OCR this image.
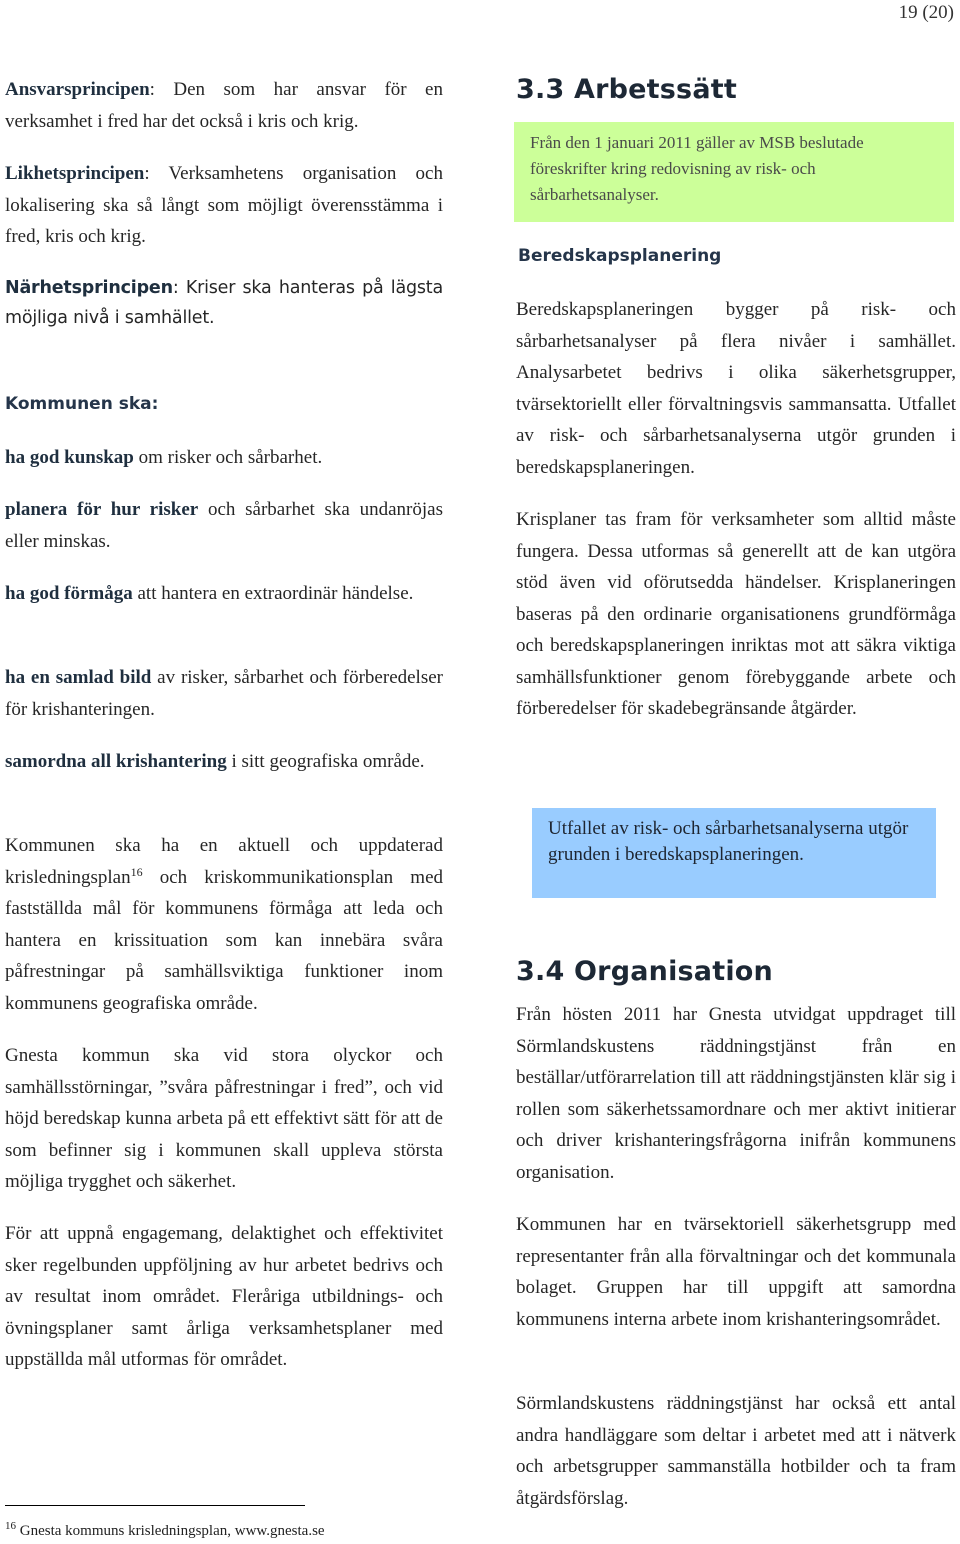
19 (20)
Ansvarsprincipen: Den som har ansvar för en verksamhet i fred har det också i kris och krig.
Likhetsprincipen: Verksamhetens organisation och lokalisering ska så långt som möjligt överensstämma i fred, kris och krig.
Närhetsprincipen: Kriser ska hanteras på lägsta möjliga nivå i samhället.
Kommunen ska:
ha god kunskap om risker och sårbarhet.
planera för hur risker och sårbarhet ska undanröjas eller minskas.
ha god förmåga att hantera en extraordinär händelse.
ha en samlad bild av risker, sårbarhet och förberedelser för krishanteringen.
samordna all krishantering i sitt geografiska område.
Kommunen ska ha en aktuell och uppdaterad krisledningsplan$^{16}$ och kriskommunikationsplan med fastställda mål för kommunens förmåga att leda och hantera en krissituation som kan innebära svåra påfrestningar på samhällsviktiga funktioner inom kommunens geografiska område.
Gnesta kommun ska vid stora olyckor och samhällsstörningar, ”svåra påfrestningar i fred”, och vid höjd beredskap kunna arbeta på ett effektivt sätt för att de som befinner sig i kommunen skall uppleva största möjliga trygghet och säkerhet.
För att uppnå engagemang, delaktighet och effektivitet sker regelbunden uppföljning av hur arbetet bedrivs och av resultat inom området. Fleråriga utbildnings- och övningsplaner samt årliga verksamhetsplaner med uppställda mål utformas för området.
$^{16}$ Gnesta kommuns krisledningsplan, www.gnesta.se
3.3 Arbetssätt
Från den 1 januari 2011 gäller av MSB beslutade föreskrifter kring redovisning av risk- och sårbarhetsanalyser.
Beredskapsplanering
Beredskapsplaneringen bygger på risk- och sårbarhetsanalyser på flera nivåer i samhället. Analysarbetet bedrivs i olika säkerhetsgrupper, tvärsektoriellt eller förvaltningsvis sammansatta. Utfallet av risk- och sårbarhetsanalyserna utgör grunden i beredskapsplaneringen.
Krisplaner tas fram för verksamheter som alltid måste fungera. Dessa utformas så generellt att de kan utgöra stöd även vid oförutsedda händelser. Krisplaneringen baseras på den ordinarie organisationens grundförmåga och beredskapsplaneringen inriktas mot att säkra viktiga samhällsfunktioner genom förebyggande arbete och förberedelser för skadebegränsande åtgärder.
Utfallet av risk- och sårbarhetsanalyserna utgör grunden i beredskapsplaneringen.
3.4 Organisation
Från hösten 2011 har Gnesta utvidgat uppdraget till Sörmlandskustens räddningstjänst från en beställar/utförarrelation till att räddningstjänsten klär sig i rollen som säkerhetssamordnare och mer aktivt initierar och driver krishanteringsfrågorna inifrån kommunens organisation.
Kommunen har en tvärsektoriell säkerhetsgrupp med representanter från alla förvaltningar och det kommunala bolaget. Gruppen har till uppgift att samordna kommunens interna arbete inom krishanteringsområdet.
Sörmlandskustens räddningstjänst har också ett antal andra handläggare som deltar i arbetet med att i nätverk och arbetsgrupper sammanställa hotbilder och ta fram åtgärdsförslag.
